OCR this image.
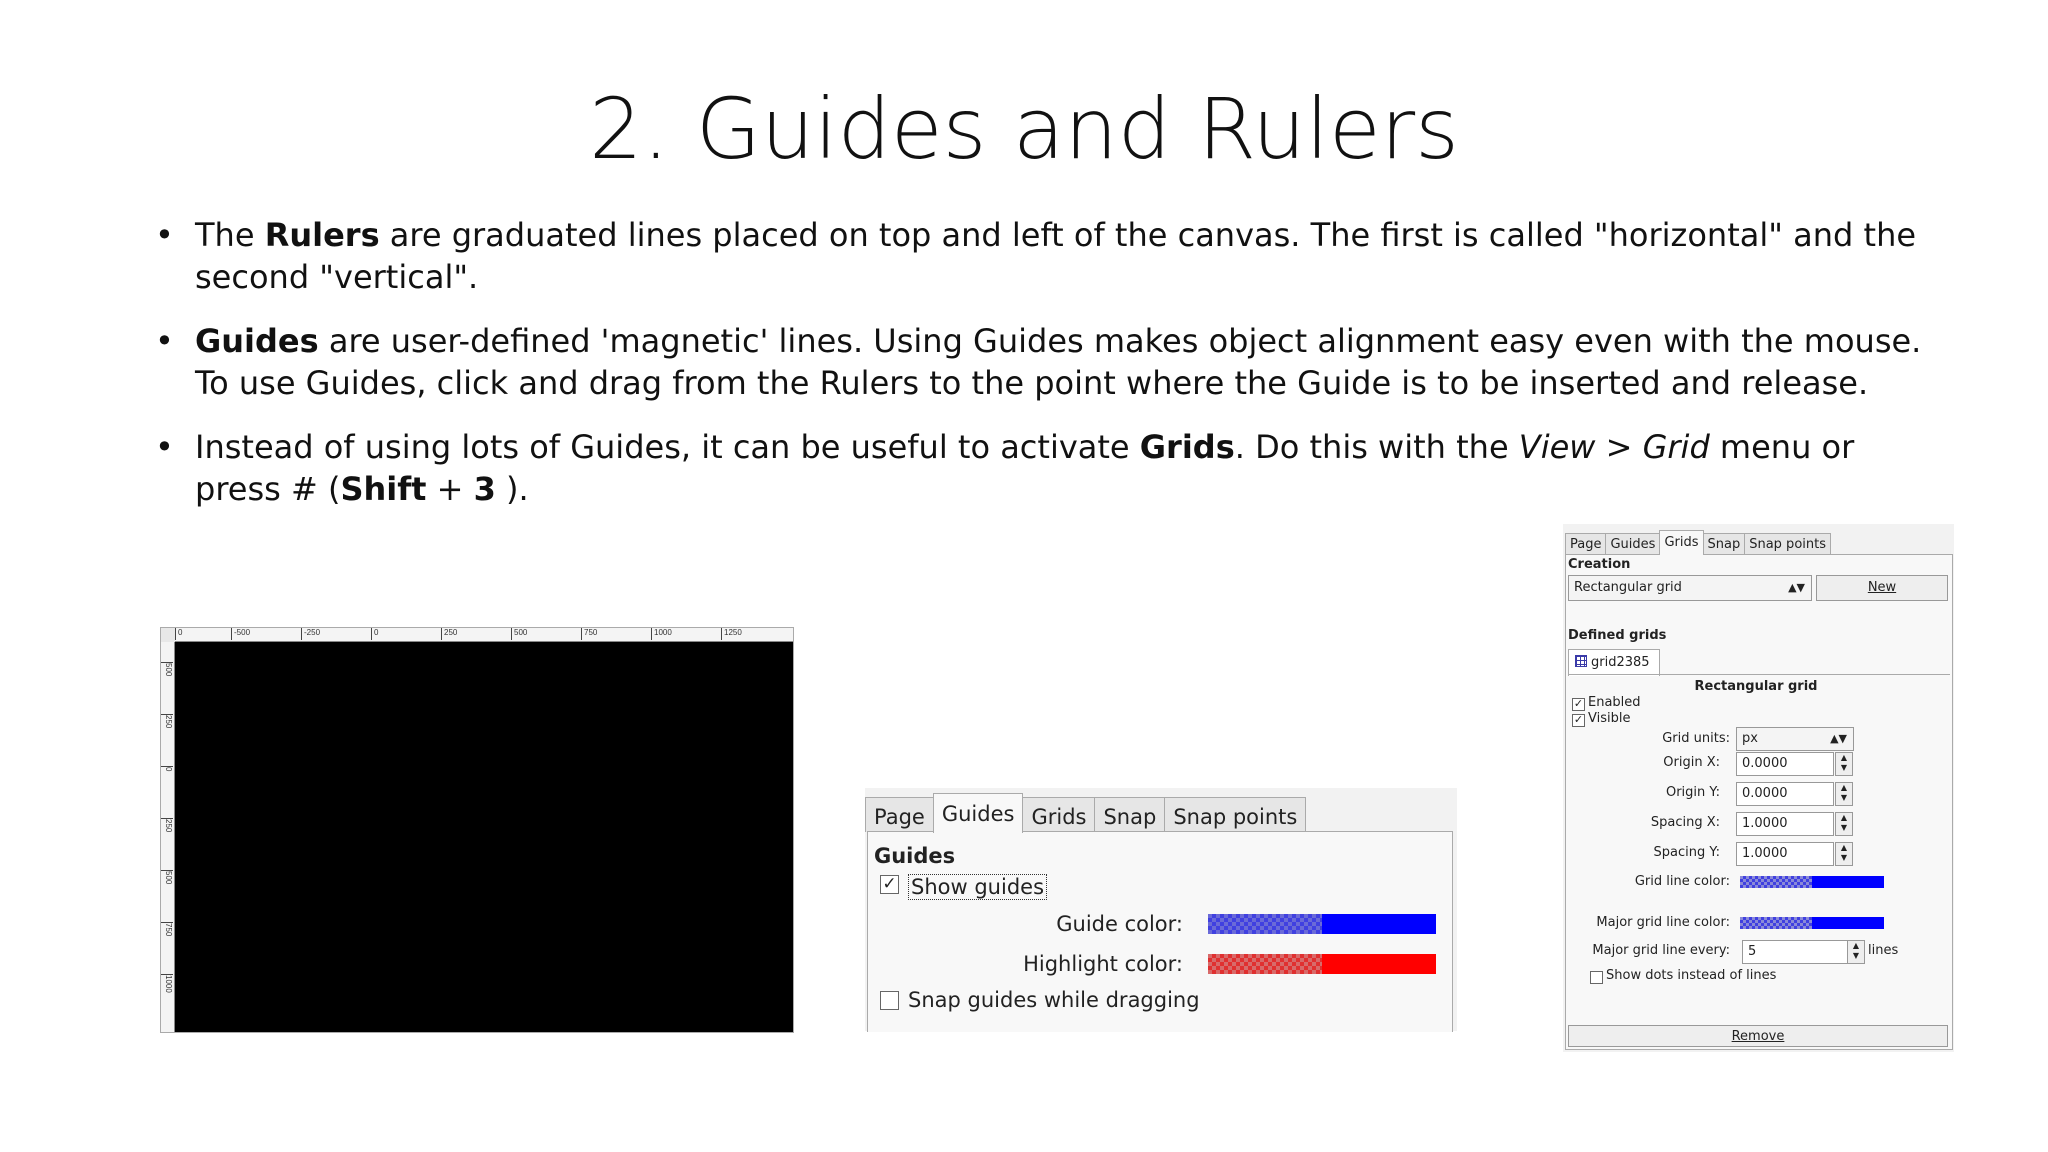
2. Guides and Rulers
• The Rulers are graduated lines placed on top and left of the canvas. The first is called "horizontal" and the second "vertical".
• Guides are user-defined 'magnetic' lines. Using Guides makes object alignment easy even with the mouse. To use Guides, click and drag from the Rulers to the point where the Guide is to be inserted and release.
• Instead of using lots of Guides, it can be useful to activate Grids. Do this with the View > Grid menu or press # (Shift + 3 ).
0	-500	-250	0	250	500	750	1000	1250
500
250
0
250
500
750
1000
Page Guides Grids Snap Snap points
Guides
✓ Show guides
Guide color:
Highlight color:
Snap guides while dragging
Page Guides Grids Snap Snap points
Creation
Rectangular grid	▲▼	New
Defined grids
grid2385
Rectangular grid
✓ Enabled
✓ Visible
Grid units: px	▲▼
Origin X:	0.0000	▲
▼
Origin Y:	0.0000	▲
▼
Spacing X:	1.0000	▲
▼
Spacing Y:	1.0000	▲
▼
Grid line color:
Major grid line color:
Major grid line every:	5	▲
▼ lines
Show dots instead of lines
Remove
